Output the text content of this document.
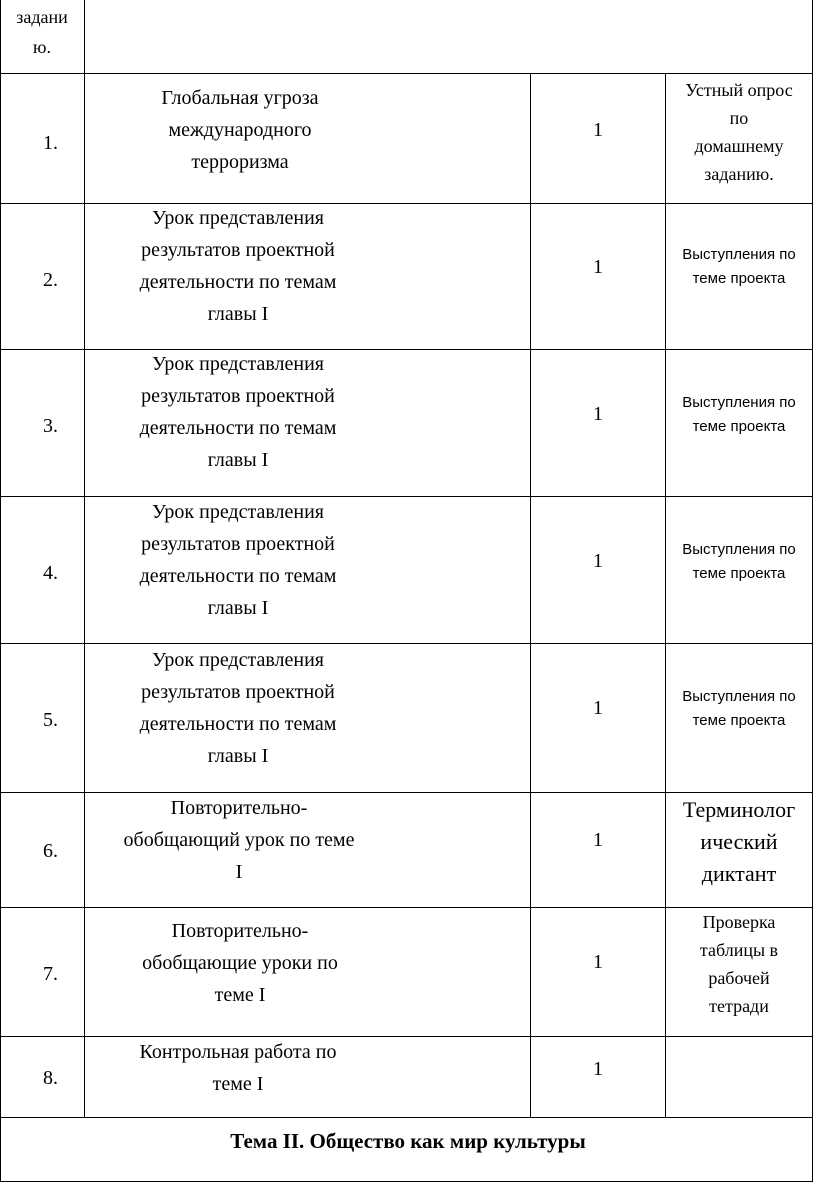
задани
ю.
1.
Глобальная угроза
международного
терроризма
1
Устный опрос
по
домашнему
заданию.
2.
Урок представления
результатов проектной
деятельности по темам
главы I
1
Выступления по
теме проекта
3.
Урок представления
результатов проектной
деятельности по темам
главы I
1
Выступления по
теме проекта
4.
Урок представления
результатов проектной
деятельности по темам
главы I
1
Выступления по
теме проекта
5.
Урок представления
результатов проектной
деятельности по темам
главы I
1
Выступления по
теме проекта
6.
Повторительно-
обобщающий урок по теме
I
1
Терминолог
ический
диктант
7.
Повторительно-
обобщающие уроки по
теме I
1
Проверка
таблицы в
рабочей
тетради
8.
Контрольная работа по
теме I
1
Тема II. Общество как мир культуры
